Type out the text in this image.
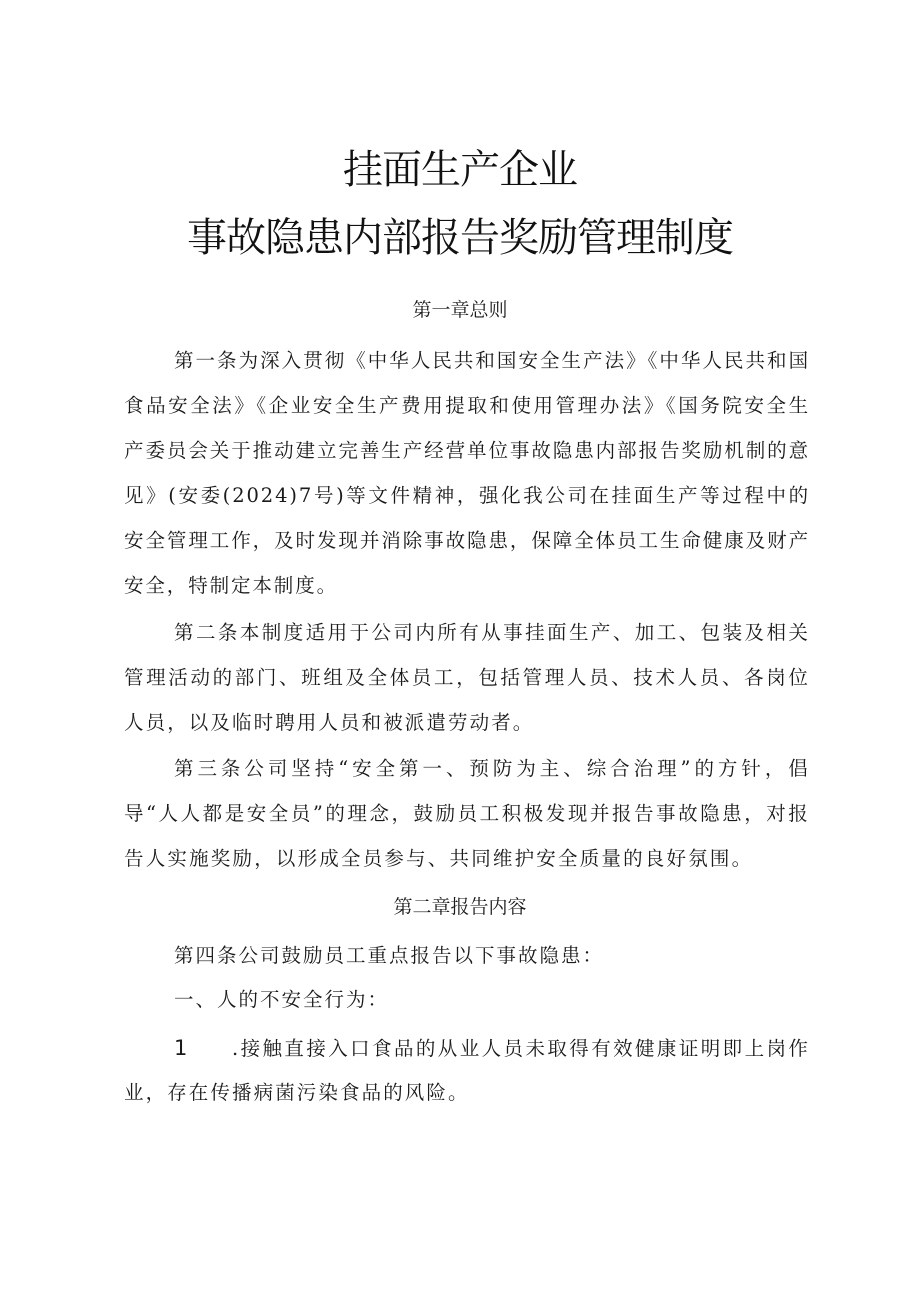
挂面生产企业
事故隐患内部报告奖励管理制度
第一章总则

第一条为深入贯彻《中华人民共和国安全生产法》《中华人民共和国食品安全法》《企业安全生产费用提取和使用管理办法》《国务院安全生产委员会关于推动建立完善生产经营单位事故隐患内部报告奖励机制的意见》(安委(2024)7号)等文件精神，强化我公司在挂面生产等过程中的安全管理工作，及时发现并消除事故隐患，保障全体员工生命健康及财产安全，特制定本制度。

第二条本制度适用于公司内所有从事挂面生产、加工、包装及相关管理活动的部门、班组及全体员工，包括管理人员、技术人员、各岗位人员，以及临时聘用人员和被派遣劳动者。

第三条公司坚持“安全第一、预防为主、综合治理”的方针，倡导“人人都是安全员”的理念，鼓励员工积极发现并报告事故隐患，对报告人实施奖励，以形成全员参与、共同维护安全质量的良好氛围。

第二章报告内容
第四条公司鼓励员工重点报告以下事故隐患：
一、人的不安全行为：

1 .接触直接入口食品的从业人员未取得有效健康证明即上岗作业，存在传播病菌污染食品的风险。
